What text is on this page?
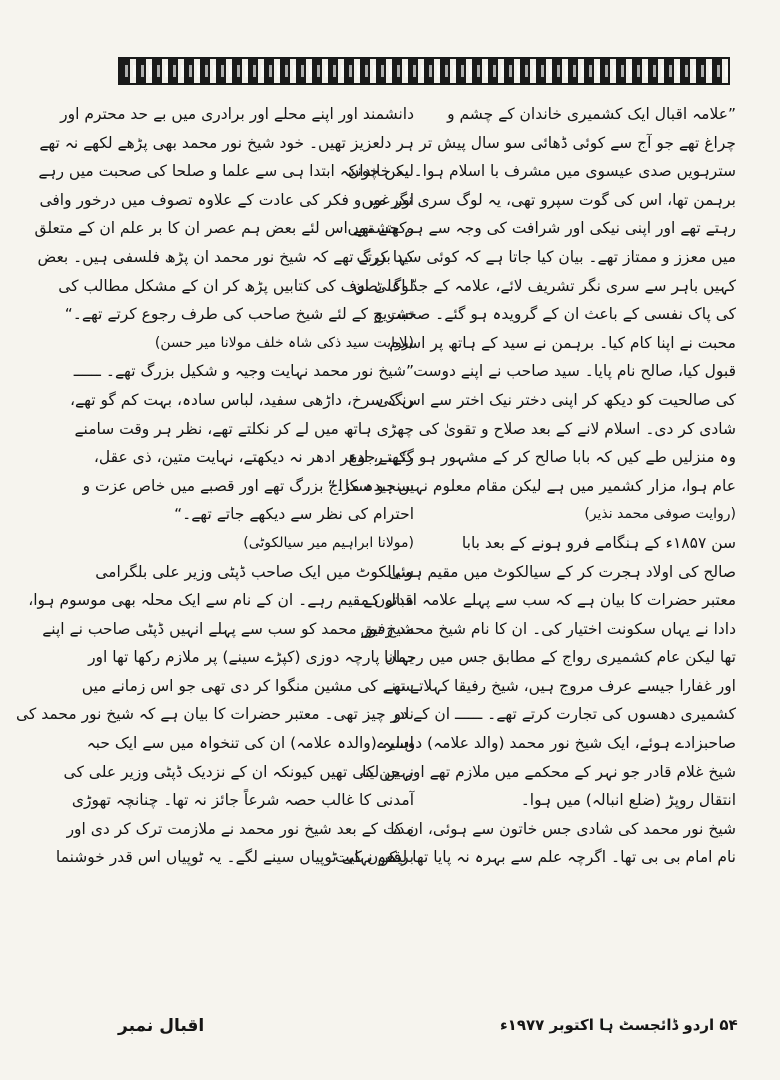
”علامہ اقبال ایک کشمیری خاندان کے چشم و
چراغ تھے جو آج سے کوئی ڈھائی سو سال پیش تر
سترہویں صدی عیسوی میں مشرف با اسلام ہوا۔ یہ خاندان
برہمن تھا، اس کی گوت سپرو تھی، یہ لوگ سری نگر میں
رہتے تھے اور اپنی نیکی اور شرافت کی وجہ سے ہم چشموں
میں معزز و ممتاز تھے۔ بیان کیا جاتا ہے کہ کوئی سید بزرگ
کہیں باہر سے سری نگر تشریف لائے، علامہ کے جدّ اعلیٰ ان
کی پاک نفسی کے باعث ان کے گرویدہ ہو گئے۔ صحبت و
محبت نے اپنا کام کیا۔ برہمن نے سید کے ہاتھ پر اسلام
قبول کیا، صالح نام پایا۔ سید صاحب نے اپنے دوست
کی صالحیت کو دیکھ کر اپنی دختر نیک اختر سے اس کی
شادی کر دی۔ اسلام لانے کے بعد صلاح و تقویٰ کی
وہ منزلیں طے کیں کہ بابا صالح کر کے مشہور ہو گئے، رجوع
عام ہوا، مزار کشمیر میں ہے لیکن مقام معلوم نہیں ہو سکا۔“
(روایت صوفی محمد نذیر)
سن ۱۸۵۷ء کے ہنگامے فرو ہونے کے بعد بابا
صالح کی اولاد ہجرت کر کے سیالکوٹ میں مقیم ہوئی
معتبر حضرات کا بیان ہے کہ سب سے پہلے علامہ اقبال کے
دادا نے یہاں سکونت اختیار کی۔ ان کا نام شیخ محمد رفیق
تھا لیکن عام کشمیری رواج کے مطابق جس میں رحمانا
اور غفارا جیسے عرف مروج ہیں، شیخ رفیقا کہلاتے تھے
کشمیری دھسوں کی تجارت کرتے تھے۔ ــــــ ان کے دو
صاحبزادے ہوئے، ایک شیخ نور محمد (والد علامہ) دوسرے
شیخ غلام قادر جو نہر کے محکمے میں ملازم تھے اور جن کا
انتقال روپڑ (ضلع انبالہ) میں ہوا۔
شیخ نور محمد کی شادی جس خاتون سے ہوئی، ان کا
نام امام بی بی تھا۔ اگرچہ علم سے بہرہ نہ پایا تھا لیکن نہایت
دانشمند اور اپنے محلے اور برادری میں بے حد محترم اور
ہر دلعزیز تھیں۔ خود شیخ نور محمد بھی پڑھے لکھے نہ تھے
لیکن چونکہ ابتدا ہی سے علما و صلحا کی صحبت میں رہے
اور غور و فکر کی عادت کے علاوہ تصوف میں درخور وافی
رکھتے تھے اس لئے بعض ہم عصر ان کا بر علم ان کے متعلق
کہا کرتے تھے کہ شیخ نور محمد ان پڑھ فلسفی ہیں۔ بعض
لوگ تصوف کی کتابیں پڑھ کر ان کے مشکل مطالب کی
تشریح کے لئے شیخ صاحب کی طرف رجوع کرتے تھے۔“
(روایت سید ذکی شاہ خلف مولانا میر حسن)
”شیخ نور محمد نہایت وجیہ و شکیل بزرگ تھے۔ ــــــ
رنگ سرخ، داڑھی سفید، لباس سادہ، بہت کم گو تھے،
چھڑی ہاتھ میں لے کر نکلتے تھے، نظر ہر وقت سامنے
رکھتے، ادھر ادھر نہ دیکھتے، نہایت متین، ذی عقل،
سنجیدہ مزاج بزرگ تھے اور قصبے میں خاص عزت و
احترام کی نظر سے دیکھے جاتے تھے۔“
(مولانا ابراہیم میر سیالکوٹی)
سیالکوٹ میں ایک صاحب ڈپٹی وزیر علی بلگرامی
مدتوں مقیم رہے۔ ان کے نام سے ایک محلہ بھی موسوم ہوا،
شیخ نور محمد کو سب سے پہلے انہیں ڈپٹی صاحب نے اپنے
یہاں پارچہ دوزی (کپڑے سینے) پر ملازم رکھا تھا اور
سینے کی مشین منگوا کر دی تھی جو اس زمانے میں
نادر چیز تھی۔ معتبر حضرات کا بیان ہے کہ شیخ نور محمد کی
اہلیہ (والدہ علامہ) ان کی تنخواہ میں سے ایک حبہ
نہیں لیتی تھیں کیونکہ ان کے نزدیک ڈپٹی وزیر علی کی
آمدنی کا غالب حصہ شرعاً جائز نہ تھا۔ چنانچہ تھوڑی
مدت کے بعد شیخ نور محمد نے ملازمت ترک کر دی اور
برقعوں کی ٹوپیاں سینے لگے۔ یہ ٹوپیاں اس قدر خوشنما
اقبال نمبر	۵۴ اردو ڈائجسٹ ہا اکتوبر ۱۹۷۷ء
